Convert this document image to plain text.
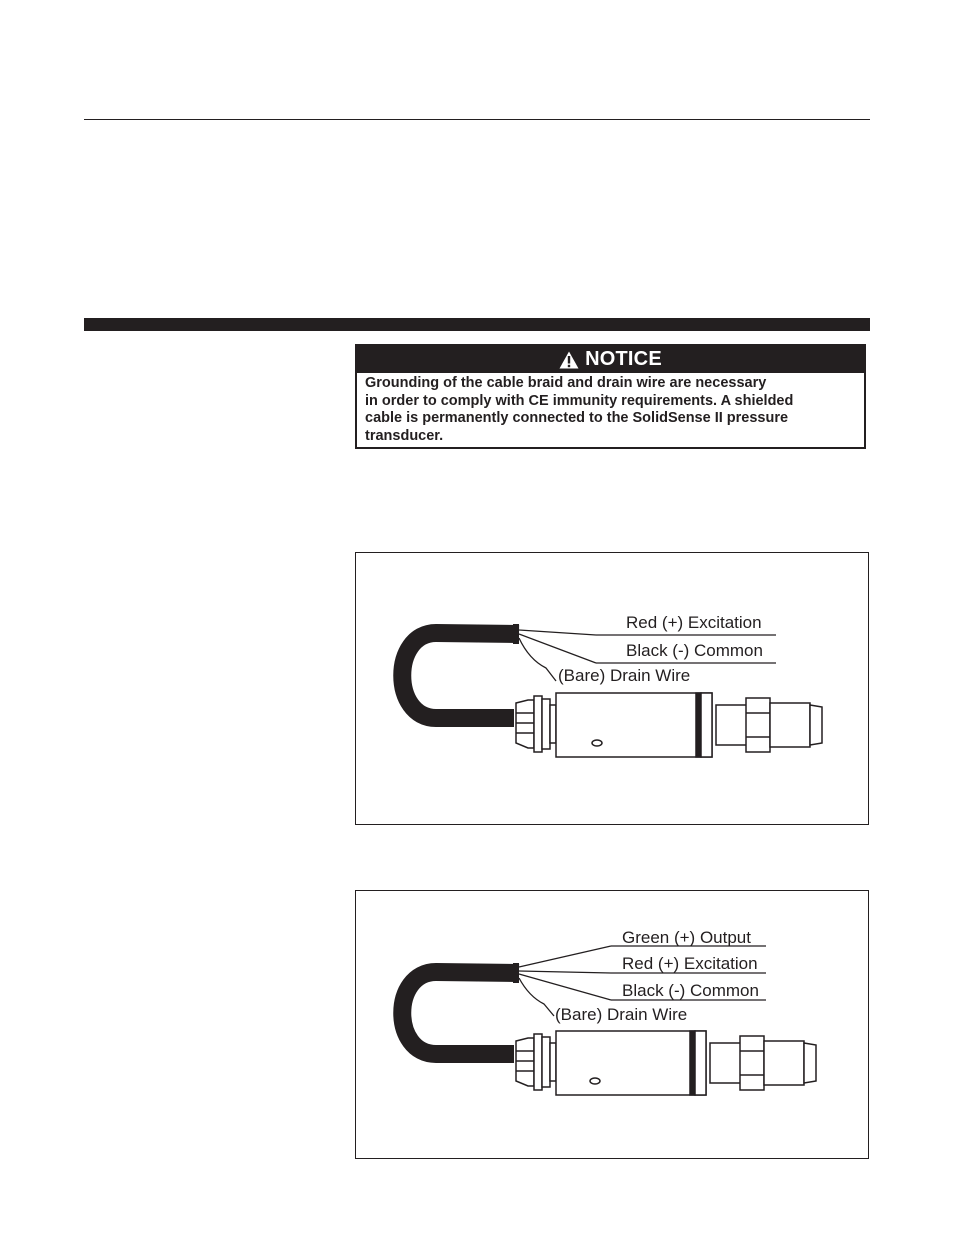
NOTICE
Grounding of the cable braid and drain wire are necessary
in order to comply with CE immunity requirements. A shielded
cable is permanently connected to the SolidSense II pressure
transducer.
Red (+) Excitation
Black (-) Common
(Bare) Drain Wire
Green (+) Output
Red (+) Excitation
Black (-) Common
(Bare) Drain Wire
